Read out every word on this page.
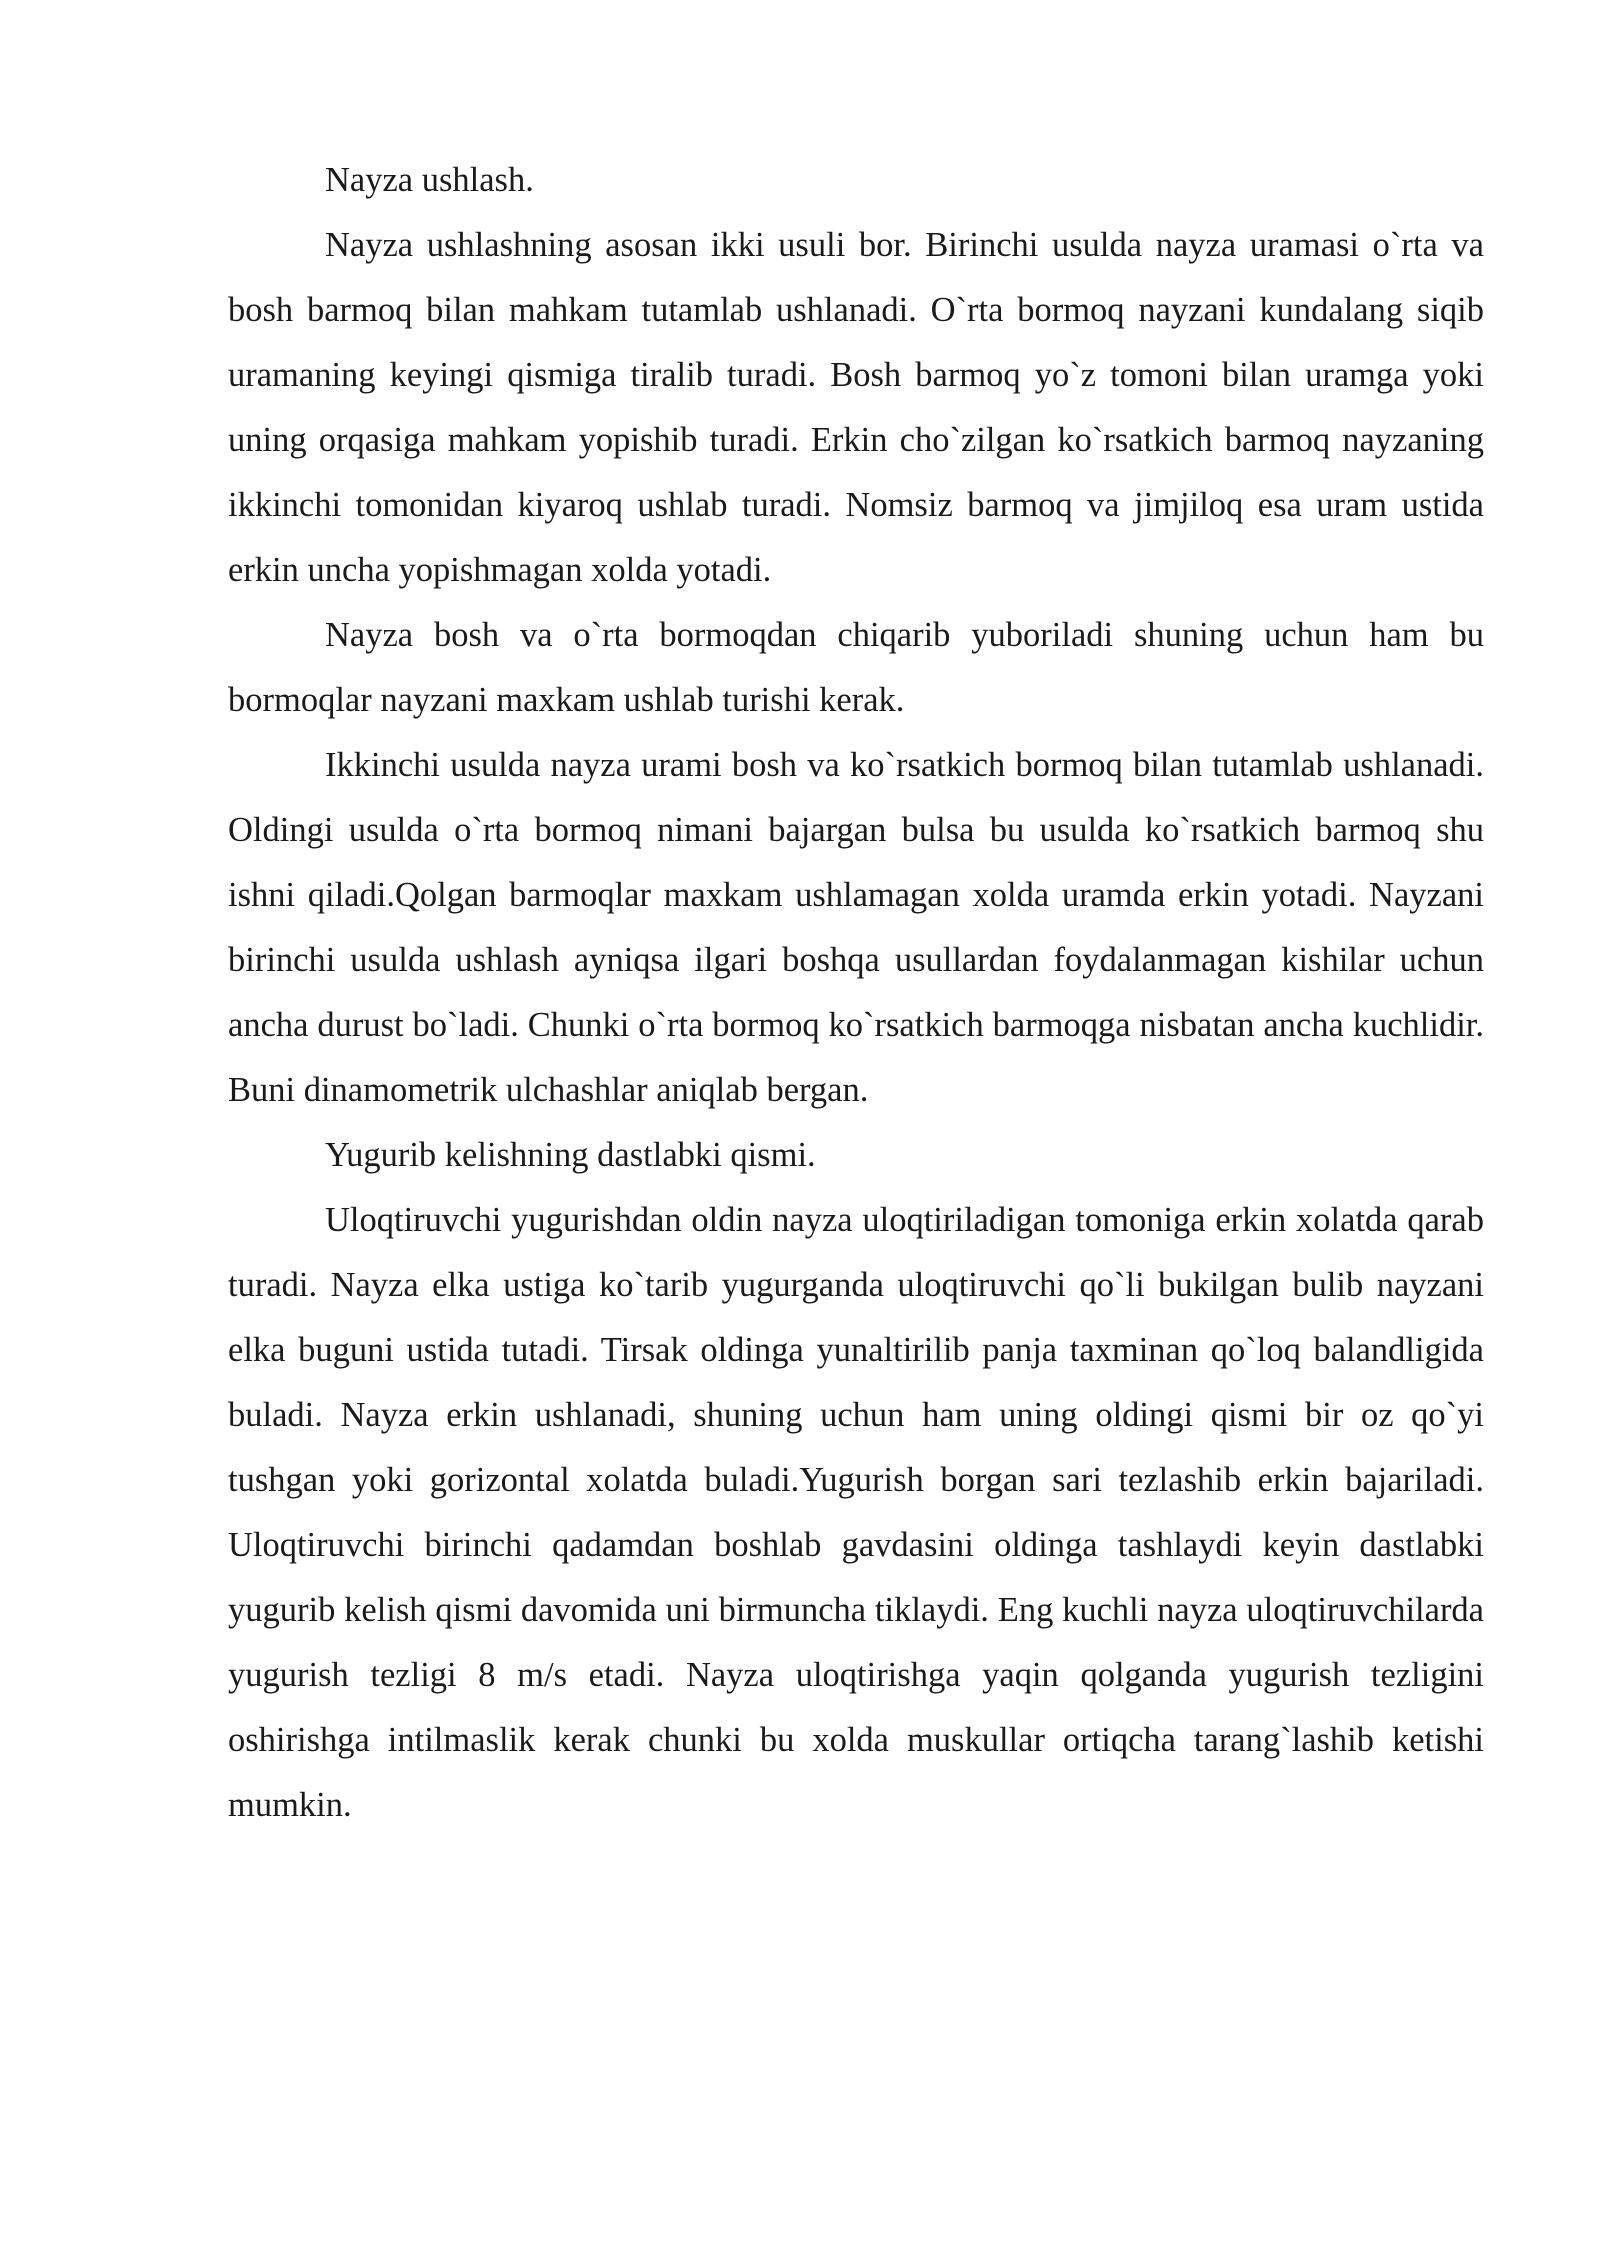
Nayza ushlash.

Nayza ushlashning asosan ikki usuli bor. Birinchi usulda nayza uramasi o`rta va bosh barmoq bilan mahkam tutamlab ushlanadi. O`rta bormoq nayzani kundalang siqib uramaning keyingi qismiga tiralib turadi. Bosh barmoq yo`z tomoni bilan uramga yoki uning orqasiga mahkam yopishib turadi. Erkin cho`zilgan ko`rsatkich barmoq nayzaning ikkinchi tomonidan kiyaroq ushlab turadi. Nomsiz barmoq va jimjiloq esa uram ustida erkin uncha yopishmagan xolda yotadi.

Nayza bosh va o`rta bormoqdan chiqarib yuboriladi shuning uchun ham bu bormoqlar nayzani maxkam ushlab turishi kerak.

Ikkinchi usulda nayza urami bosh va ko`rsatkich bormoq bilan tutamlab ushlanadi. Oldingi usulda o`rta bormoq nimani bajargan bulsa bu usulda ko`rsatkich barmoq shu ishni qiladi.Qolgan barmoqlar maxkam ushlamagan xolda uramda erkin yotadi. Nayzani birinchi usulda ushlash ayniqsa ilgari boshqa usullardan foydalanmagan kishilar uchun ancha durust bo`ladi. Chunki o`rta bormoq ko`rsatkich barmoqga nisbatan ancha kuchlidir. Buni dinamometrik ulchashlar aniqlab bergan.

Yugurib kelishning dastlabki qismi.

Uloqtiruvchi yugurishdan oldin nayza uloqtiriladigan tomoniga erkin xolatda qarab turadi. Nayza elka ustiga ko`tarib yugurganda uloqtiruvchi qo`li bukilgan bulib nayzani elka buguni ustida tutadi. Tirsak oldinga yunaltirilib panja taxminan qo`loq balandligida buladi. Nayza erkin ushlanadi, shuning uchun ham uning oldingi qismi bir oz qo`yi tushgan yoki gorizontal xolatda buladi.Yugurish borgan sari tezlashib erkin bajariladi. Uloqtiruvchi birinchi qadamdan boshlab gavdasini oldinga tashlaydi keyin dastlabki yugurib kelish qismi davomida uni birmuncha tiklaydi. Eng kuchli nayza uloqtiruvchilarda yugurish tezligi 8 m/s etadi. Nayza uloqtirishga yaqin qolganda yugurish tezligini oshirishga intilmaslik kerak chunki bu xolda muskullar ortiqcha tarang`lashib ketishi mumkin.
